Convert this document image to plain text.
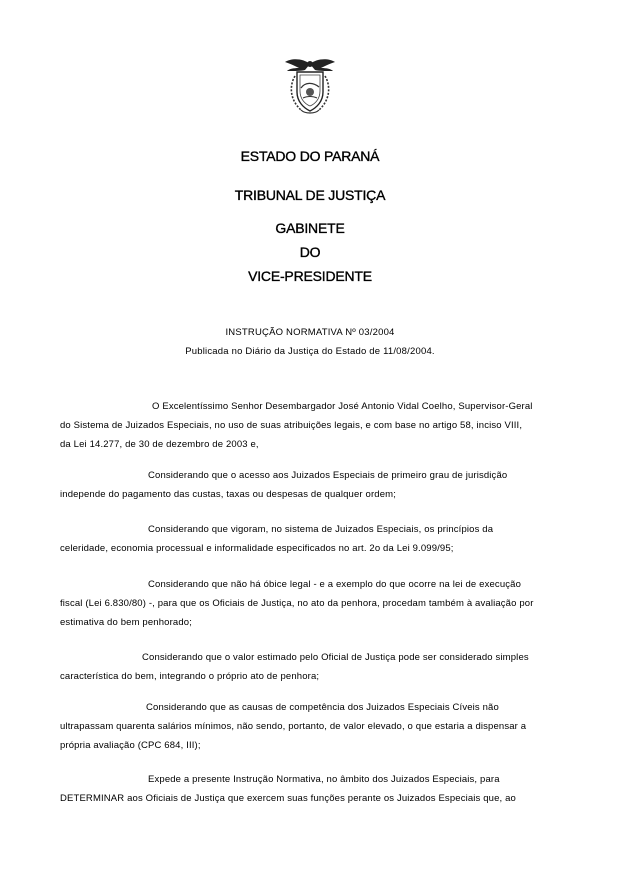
ESTADO DO PARANÁ
TRIBUNAL DE JUSTIÇA
GABINETE
DO
VICE-PRESIDENTE
INSTRUÇÃO NORMATIVA Nº 03/2004
Publicada no Diário da Justiça do Estado de 11/08/2004.

O Excelentíssimo Senhor Desembargador José Antonio Vidal Coelho, Supervisor-Geral

do Sistema de Juizados Especiais, no uso de suas atribuições legais, e com base no artigo 58, inciso VIII,

da Lei 14.277, de 30 de dezembro de 2003 e,

Considerando que o acesso aos Juizados Especiais de primeiro grau de jurisdição

independe do pagamento das custas, taxas ou despesas de qualquer ordem;

Considerando que vigoram, no sistema de Juizados Especiais, os princípios da

celeridade, economia processual e informalidade especificados no art. 2o da Lei 9.099/95;

Considerando que não há óbice legal - e a exemplo do que ocorre na lei de execução

fiscal (Lei 6.830/80) -, para que os Oficiais de Justiça, no ato da penhora, procedam também à avaliação por

estimativa do bem penhorado;

Considerando que o valor estimado pelo Oficial de Justiça pode ser considerado simples

característica do bem, integrando o próprio ato de penhora;

Considerando que as causas de competência dos Juizados Especiais Cíveis não

ultrapassam quarenta salários mínimos, não sendo, portanto, de valor elevado, o que estaria a dispensar a

própria avaliação (CPC 684, III);

Expede a presente Instrução Normativa, no âmbito dos Juizados Especiais, para

DETERMINAR aos Oficiais de Justiça que exercem suas funções perante os Juizados Especiais que, ao
